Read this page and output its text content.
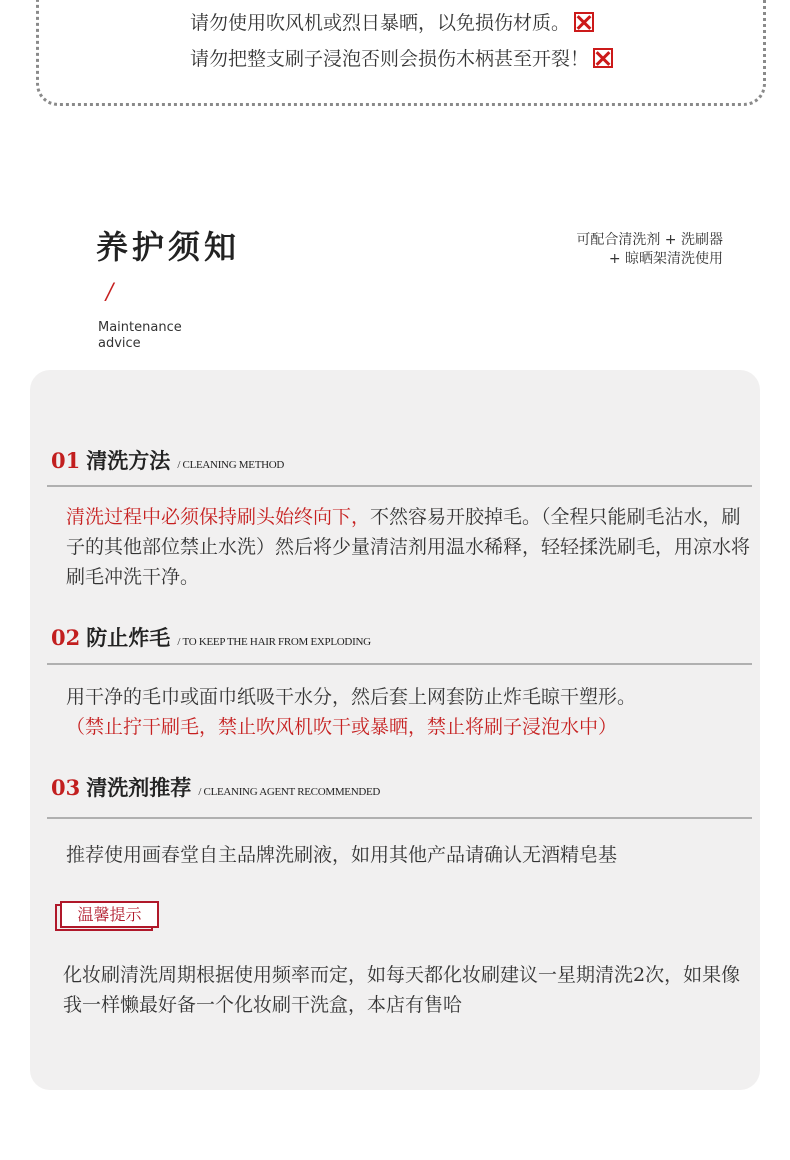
请勿使用吹风机或烈日暴晒，以免损伤材质。
请勿把整支刷子浸泡否则会损伤木柄甚至开裂！
养护须知
/
Maintenance
advice
可配合清洗剂 + 洗刷器
+ 晾晒架清洗使用
01 清洗方法 / CLEANING METHOD
清洗过程中必须保持刷头始终向下，不然容易开胶掉毛。（全程只能刷毛沾水，刷子的其他部位禁止水洗）然后将少量清洁剂用温水稀释，轻轻揉洗刷毛，用凉水将刷毛冲洗干净。
02 防止炸毛 / TO KEEP THE HAIR FROM EXPLODING
用干净的毛巾或面巾纸吸干水分，然后套上网套防止炸毛晾干塑形。
（禁止拧干刷毛，禁止吹风机吹干或暴晒，禁止将刷子浸泡水中）
03 清洗剂推荐 / CLEANING AGENT RECOMMENDED
推荐使用画春堂自主品牌洗刷液，如用其他产品请确认无酒精皂基
温馨提示
化妆刷清洗周期根据使用频率而定，如每天都化妆刷建议一星期清洗2次，如果像我一样懒最好备一个化妆刷干洗盒，本店有售哈
